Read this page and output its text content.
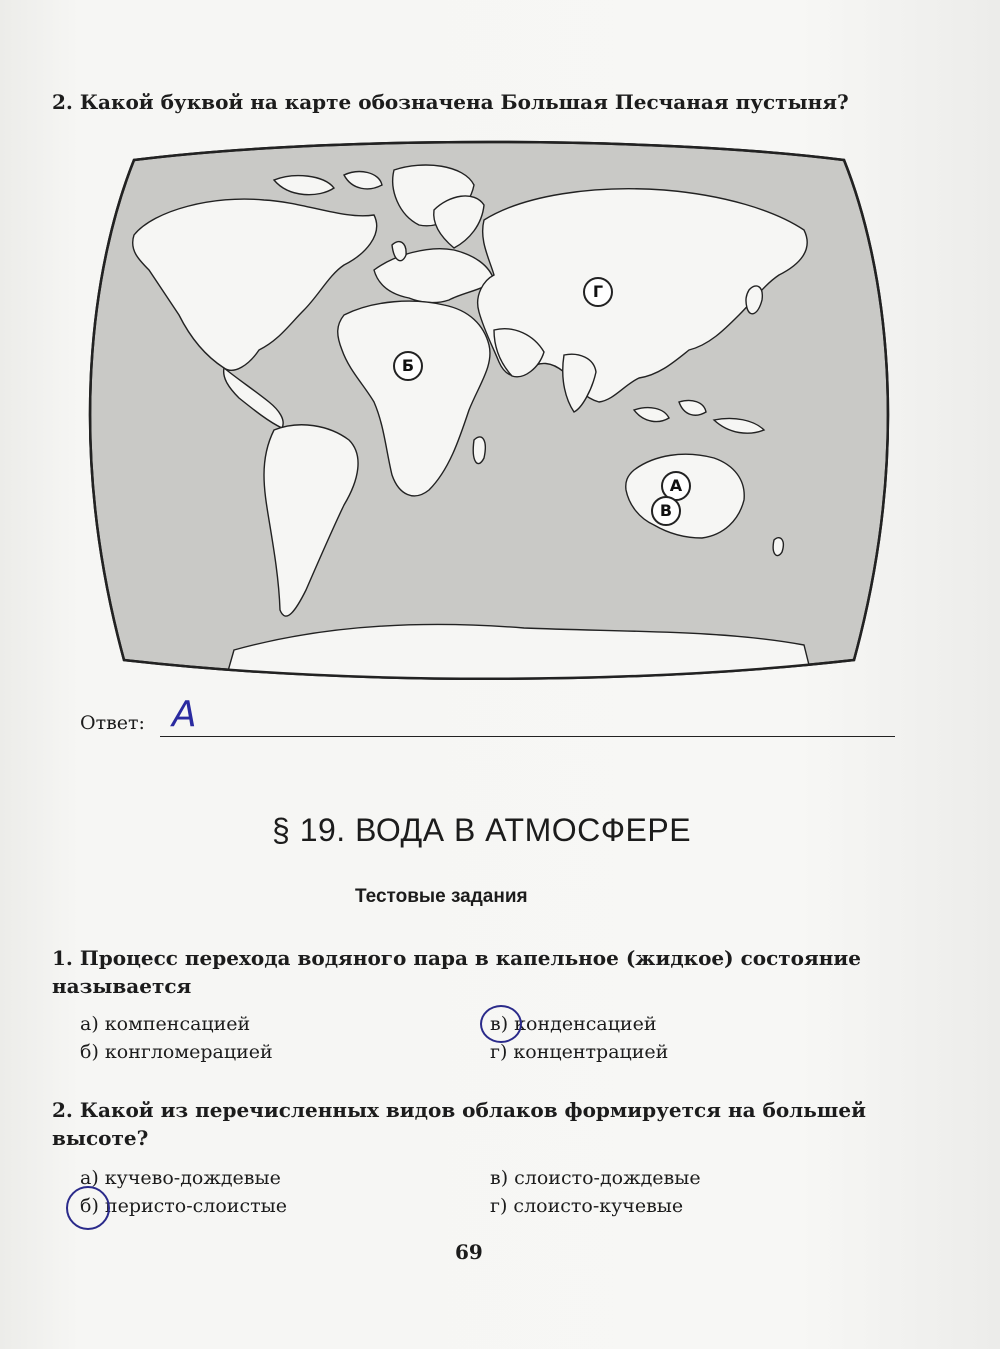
2. Какой буквой на карте обозначена Большая Песчаная пустыня?
А
В
Б
Г
Ответ: А
§ 19. ВОДА В АТМОСФЕРЕ
Тестовые задания
1. Процесс перехода водяного пара в капельное (жидкое) состояние называется
а) компенсацией
б) конгломерацией
в) конденсацией
г) концентрацией
2. Какой из перечисленных видов облаков формируется на большей высоте?
а) кучево-дождевые
б) перисто-слоистые
в) слоисто-дождевые
г) слоисто-кучевые
69
